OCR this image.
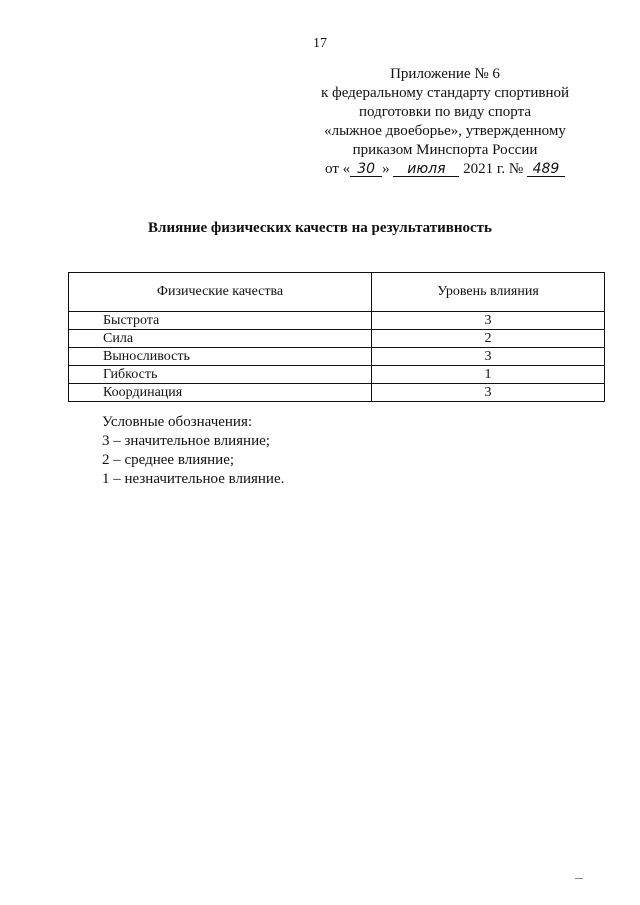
17
Приложение № 6
к федеральному стандарту спортивной
подготовки по виду спорта
«лыжное двоеборье», утвержденному
приказом Минспорта России
от « 30 » июля 2021 г. № 489
Влияние физических качеств на результативность
Физические качества	Уровень влияния
Быстрота	3
Сила	2
Выносливость	3
Гибкость	1
Координация	3
Условные обозначения:
3 – значительное влияние;
2 – среднее влияние;
1 – незначительное влияние.
